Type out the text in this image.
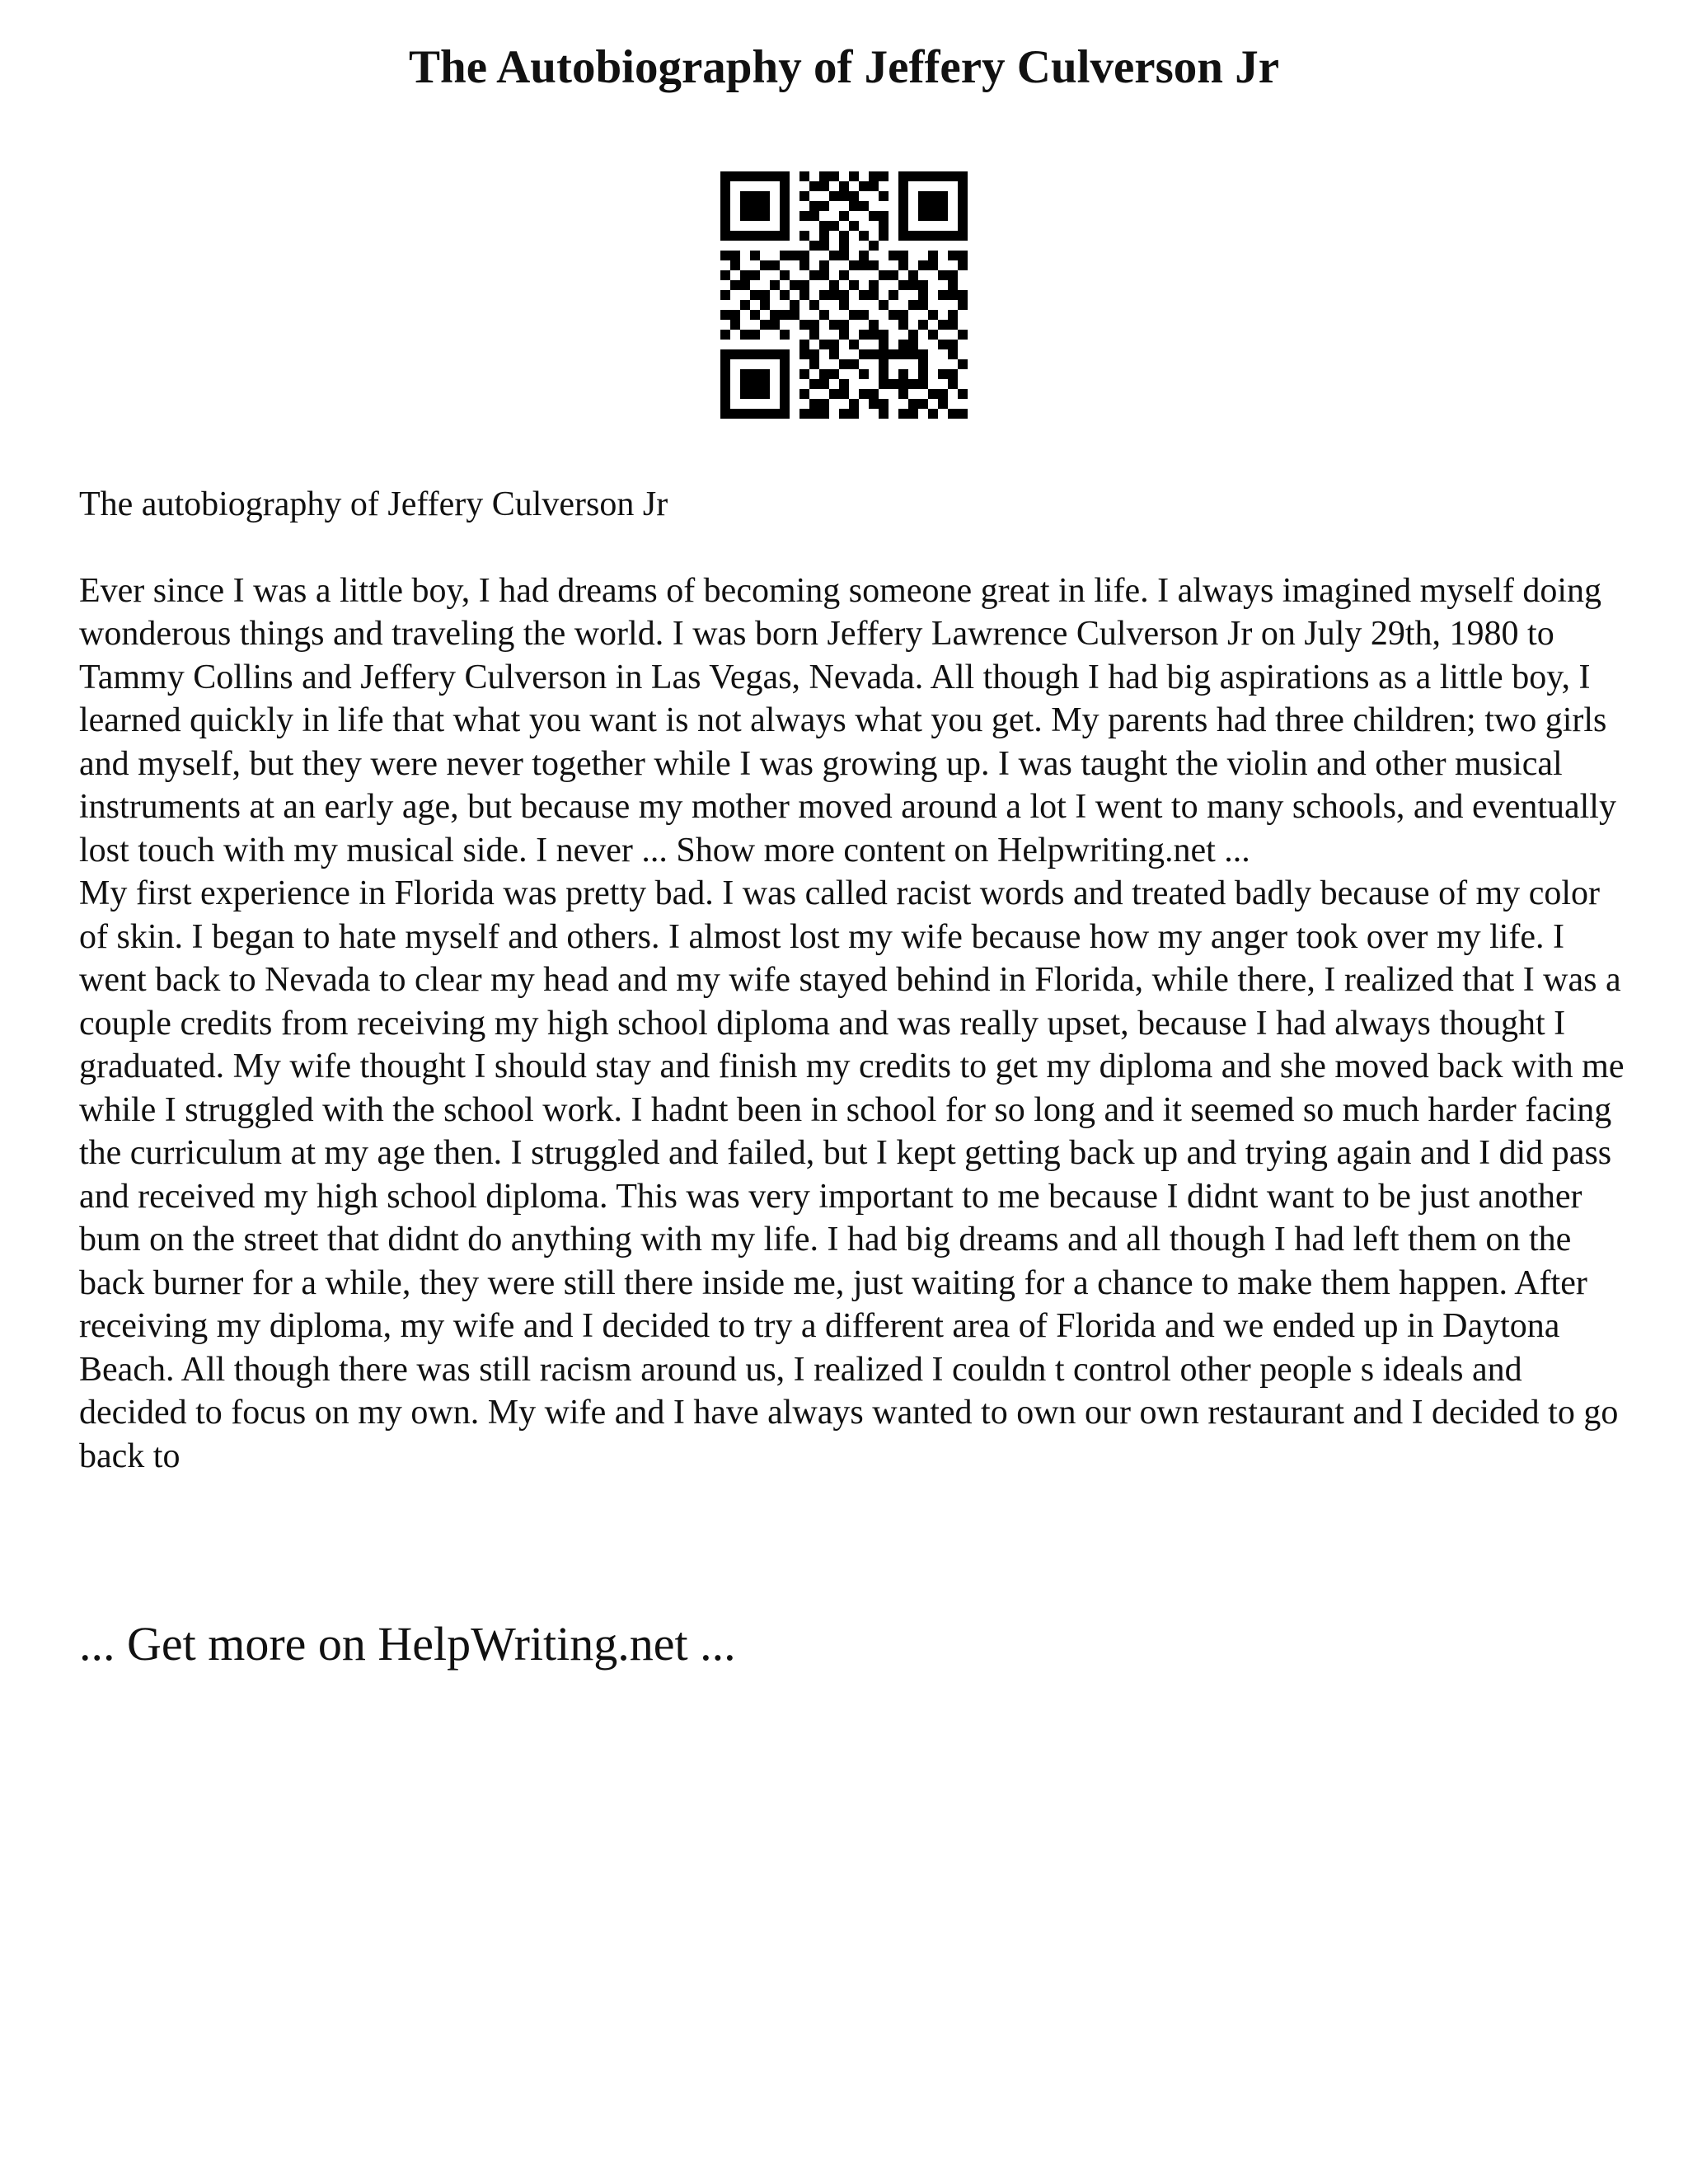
The Autobiography of Jeffery Culverson Jr

The autobiography of Jeffery Culverson Jr

Ever since I was a little boy, I had dreams of becoming someone great in life. I always imagined myself doing wonderous things and traveling the world. I was born Jeffery Lawrence Culverson Jr on July 29th, 1980 to Tammy Collins and Jeffery Culverson in Las Vegas, Nevada. All though I had big aspirations as a little boy, I learned quickly in life that what you want is not always what you get. My parents had three children; two girls and myself, but they were never together while I was growing up. I was taught the violin and other musical instruments at an early age, but because my mother moved around a lot I went to many schools, and eventually lost touch with my musical side. I never ... Show more content on Helpwriting.net ...

My first experience in Florida was pretty bad. I was called racist words and treated badly because of my color of skin. I began to hate myself and others. I almost lost my wife because how my anger took over my life. I went back to Nevada to clear my head and my wife stayed behind in Florida, while there, I realized that I was a couple credits from receiving my high school diploma and was really upset, because I had always thought I graduated. My wife thought I should stay and finish my credits to get my diploma and she moved back with me while I struggled with the school work. I hadnt been in school for so long and it seemed so much harder facing the curriculum at my age then. I struggled and failed, but I kept getting back up and trying again and I did pass and received my high school diploma. This was very important to me because I didnt want to be just another bum on the street that didnt do anything with my life. I had big dreams and all though I had left them on the back burner for a while, they were still there inside me, just waiting for a chance to make them happen. After receiving my diploma, my wife and I decided to try a different area of Florida and we ended up in Daytona Beach. All though there was still racism around us, I realized I couldn t control other people s ideals and decided to focus on my own. My wife and I have always wanted to own our own restaurant and I decided to go back to

... Get more on HelpWriting.net ...
